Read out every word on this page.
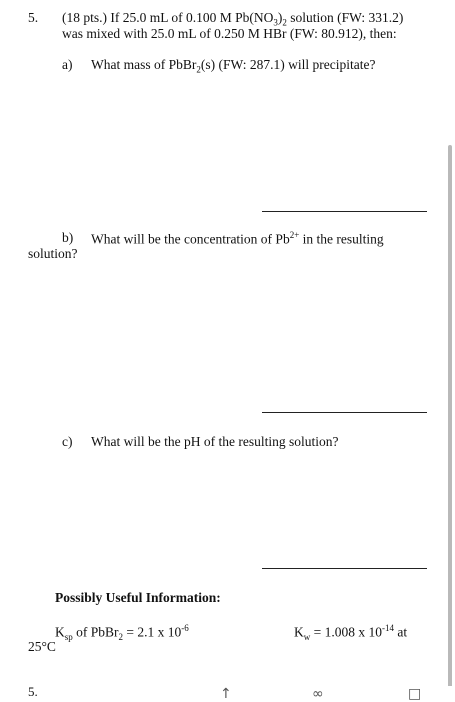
5. (18 pts.) If 25.0 mL of 0.100 M $Pb(NO_3)_2$ solution (FW: 331.2)
was mixed with 25.0 mL of 0.250 M HBr (FW: 80.912), then:
a) What mass of PbBr$_2$(s) (FW: 287.1) will precipitate?
b) What will be the concentration of $Pb^{2+}$ in the resulting
solution?
c) What will be the pH of the resulting solution?
Possibly Useful Information:
$K_{sp}$ of PbBr$_2$ = 2.1 x $10^{-6}$	$K_w = 1.008$ x $10^{-14}$ at
25°C
5.	↑	∞	□
